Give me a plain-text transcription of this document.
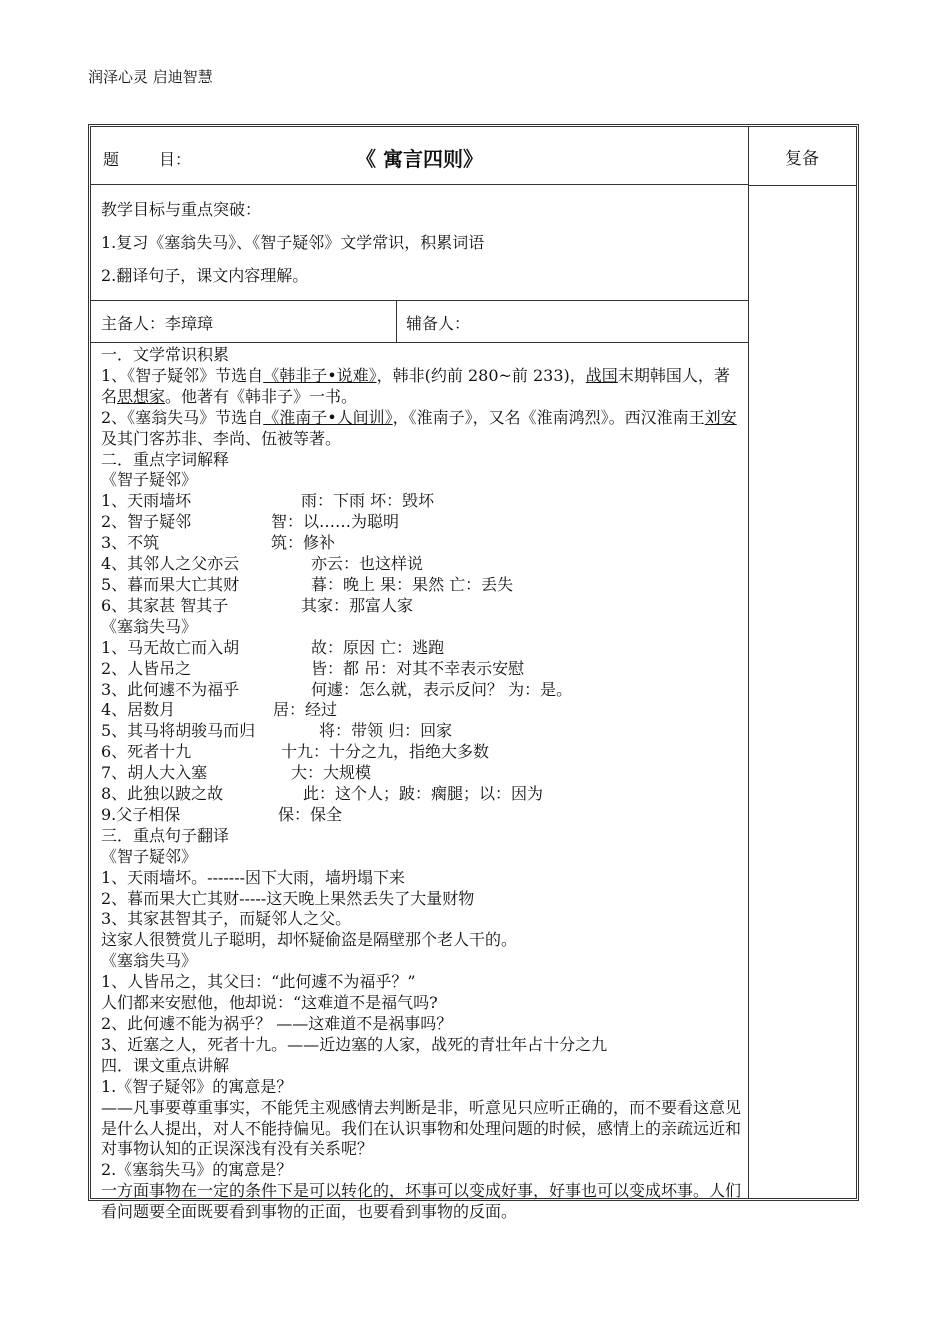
润泽心灵 启迪智慧
题	目：	《 寓言四则》	复备
教学目标与重点突破：
1.复习《塞翁失马》、《智子疑邻》文学常识，积累词语
2.翻译句子，课文内容理解。
主备人：李璋璋	辅备人：
一．文学常识积累
1、《智子疑邻》节选自《韩非子•说难》，韩非(约前 280~前 233)，战国末期韩国人，著名思想家。他著有《韩非子》一书。
2、《塞翁失马》节选自《淮南子•人间训》，《淮南子》，又名《淮南鸿烈》。西汉淮南王刘安及其门客苏非、李尚、伍被等著。
二．重点字词解释
《智子疑邻》
1、天雨墙坏	雨：下雨 坏：毁坏
2、智子疑邻	智：以……为聪明
3、不筑	筑：修补
4、其邻人之父亦云	亦云：也这样说
5、暮而果大亡其财	暮：晚上 果：果然 亡：丢失
6、其家甚 智其子	其家：那富人家
《塞翁失马》
1、马无故亡而入胡	故：原因 亡：逃跑
2、人皆吊之	皆：都 吊：对其不幸表示安慰
3、此何遽不为福乎	何遽：怎么就，表示反问？ 为：是。
4、居数月	居：经过
5、其马将胡骏马而归	将：带领 归：回家
6、死者十九	十九：十分之九，指绝大多数
7、胡人大入塞	大：大规模
8、此独以跛之故	此：这个人；跛：瘸腿；以：因为
9.父子相保	保：保全
三．重点句子翻译
《智子疑邻》
1、天雨墙坏。-------因下大雨，墙坍塌下来
2、暮而果大亡其财-----这天晚上果然丢失了大量财物
3、其家甚智其子，而疑邻人之父。
这家人很赞赏儿子聪明，却怀疑偷盗是隔壁那个老人干的。
《塞翁失马》
1、人皆吊之，其父曰：“此何遽不为福乎？”
人们都来安慰他，他却说：“这难道不是福气吗?
2、此何遽不能为祸乎？ ——这难道不是祸事吗？
3、近塞之人，死者十九。——近边塞的人家，战死的青壮年占十分之九
四．课文重点讲解
1.《智子疑邻》的寓意是？
——凡事要尊重事实，不能凭主观感情去判断是非，听意见只应听正确的，而不要看这意见是什么人提出，对人不能持偏见。我们在认识事物和处理问题的时候，感情上的亲疏远近和对事物认知的正误深浅有没有关系呢？
2.《塞翁失马》的寓意是？
一方面事物在一定的条件下是可以转化的，坏事可以变成好事，好事也可以变成坏事。人们看问题要全面既要看到事物的正面，也要看到事物的反面。
